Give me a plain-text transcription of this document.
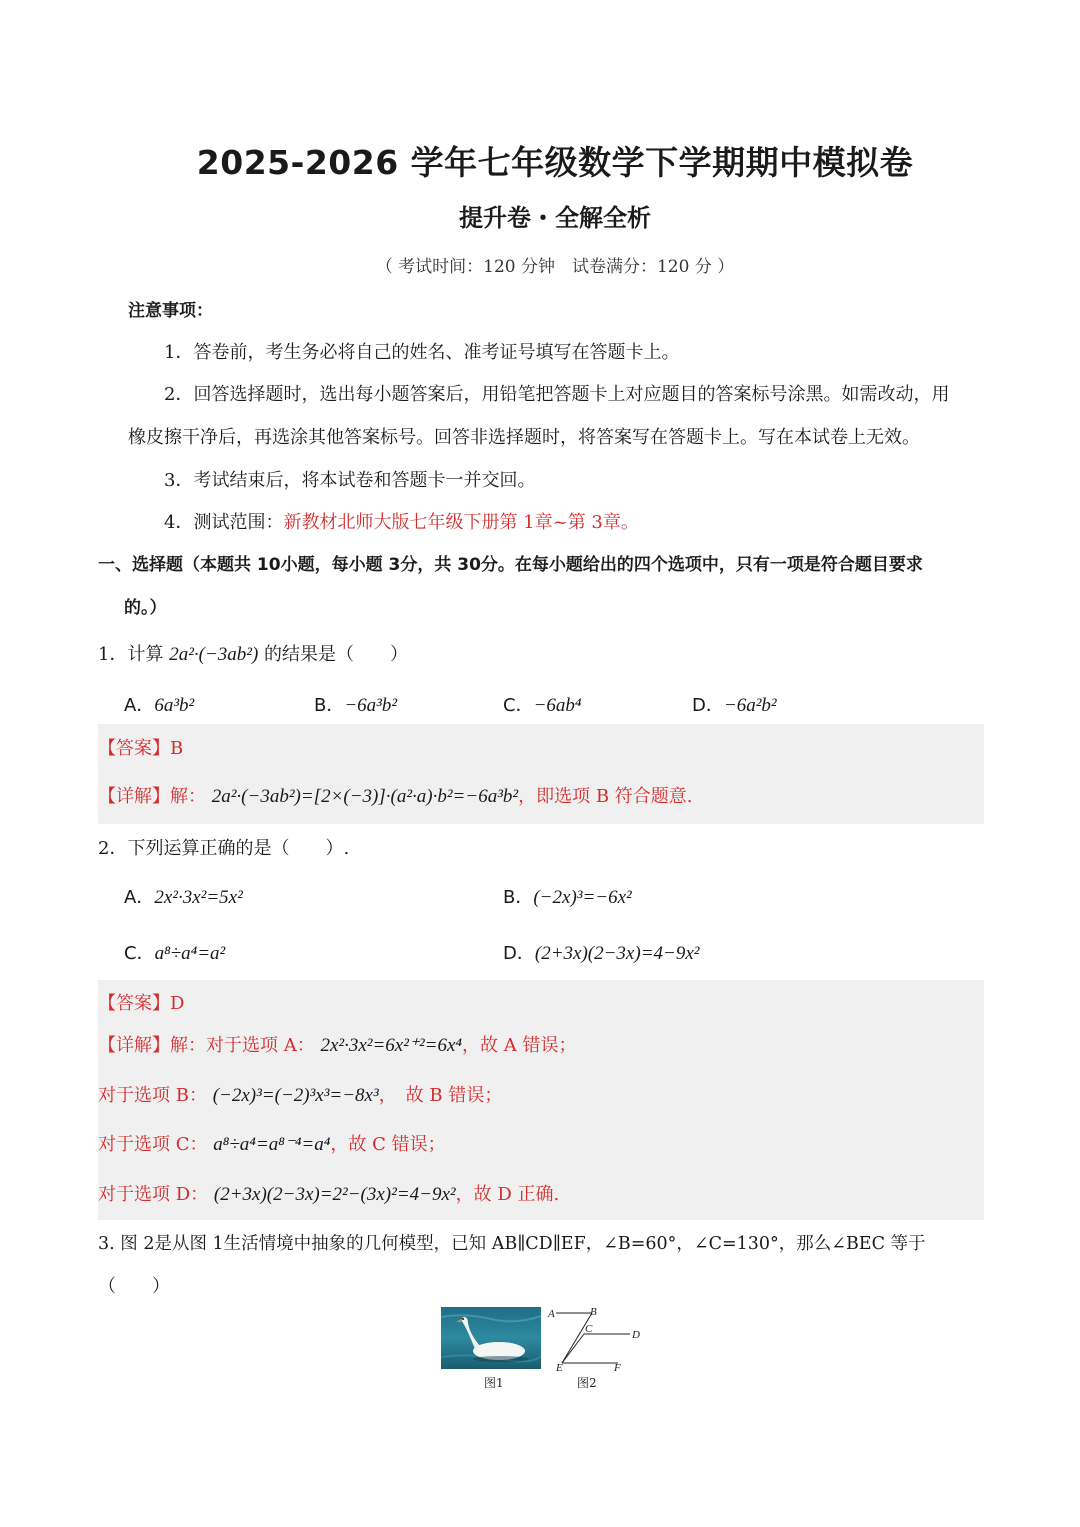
2025-2026 学年七年级数学下学期期中模拟卷
提升卷・全解全析
（ 考试时间：120 分钟　试卷满分：120 分 ）
注意事项：
1．答卷前，考生务必将自己的姓名、准考证号填写在答题卡上。
2．回答选择题时，选出每小题答案后，用铅笔把答题卡上对应题目的答案标号涂黑。如需改动，用
橡皮擦干净后，再选涂其他答案标号。回答非选择题时，将答案写在答题卡上。写在本试卷上无效。
3．考试结束后，将本试卷和答题卡一并交回。
4．测试范围：新教材北师大版七年级下册第 1章~第 3章。
一、选择题（本题共 10小题，每小题 3分，共 30分。在每小题给出的四个选项中，只有一项是符合题目要求
的。）
1．计算 2a²·(−3ab²) 的结果是（　　）
A．6a³b²	B．−6a³b²	C．−6ab⁴	D．−6a²b²
【答案】B
【详解】解： 2a²·(−3ab²)=[2×(−3)]·(a²·a)·b²=−6a³b²，即选项 B 符合题意.
2．下列运算正确的是（　　）.
A．2x²·3x²=5x²	B．(−2x)³=−6x²
C．a⁸÷a⁴=a²	D．(2+3x)(2−3x)=4−9x²
【答案】D
【详解】解：对于选项 A： 2x²·3x²=6x²⁺²=6x⁴，故 A 错误；
对于选项 B： (−2x)³=(−2)³x³=−8x³，　故 B 错误；
对于选项 C： a⁸÷a⁴=a⁸⁻⁴=a⁴，故 C 错误；
对于选项 D： (2+3x)(2−3x)=2²−(3x)²=4−9x²，故 D 正确.
3. 图 2是从图 1生活情境中抽象的几何模型，已知 AB∥CD∥EF，∠B=60°，∠C=130°，那么∠BEC 等于
（　　）
图1
A	B
C	D
E	F
图2
